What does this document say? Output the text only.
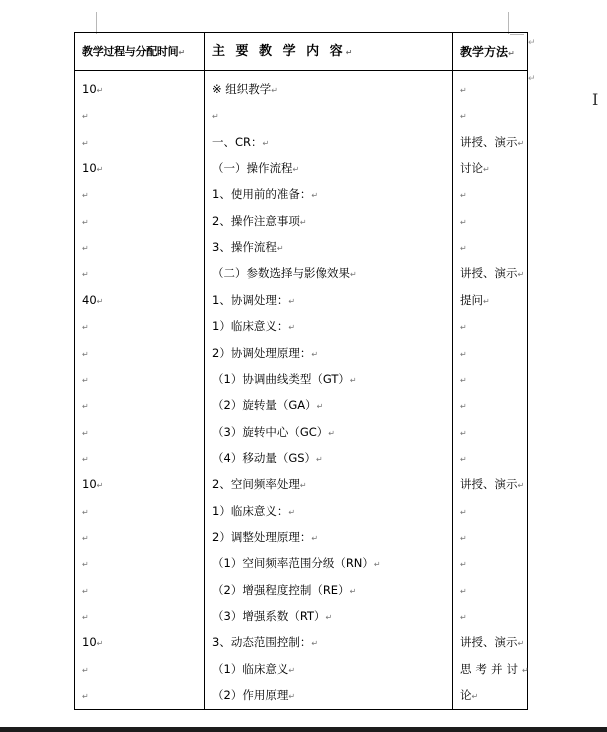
↵
↵
I
教学过程与分配时间↵	主 要 教 学 内 容↵	教学方法↵
10↵	※ 组织教学↵	↵
↵	↵	↵
↵	一、CR：↵	讲授、演示↵
10↵	（一）操作流程↵	讨论↵
↵	1、使用前的准备：↵	↵
↵	2、操作注意事项↵	↵
↵	3、操作流程↵	↵
↵	（二）参数选择与影像效果↵	讲授、演示↵
40↵	1、协调处理：↵	提问↵
↵	1）临床意义：↵	↵
↵	2）协调处理原理：↵	↵
↵	（1）协调曲线类型（GT）↵	↵
↵	（2）旋转量（GA）↵	↵
↵	（3）旋转中心（GC）↵	↵
↵	（4）移动量（GS）↵	↵
10↵	2、空间频率处理↵	讲授、演示↵
↵	1）临床意义：↵	↵
↵	2）调整处理原理：↵	↵
↵	（1）空间频率范围分级（RN）↵	↵
↵	（2）增强程度控制（RE）↵	↵
↵	（3）增强系数（RT）↵	↵
10↵	3、动态范围控制：↵	讲授、演示↵
↵	（1）临床意义↵	思考并讨↵
↵	（2）作用原理↵	论↵
